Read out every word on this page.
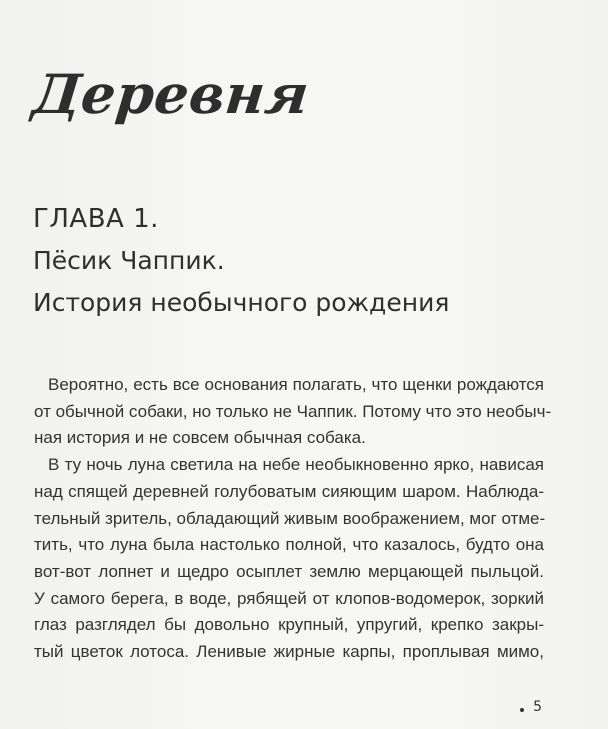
Деревня
ГЛАВА 1.
Пёсик Чаппик.
История необычного рождения
Вероятно, есть все основания полагать, что щенки рождаются
от обычной собаки, но только не Чаппик. Потому что это необыч-
ная история и не совсем обычная собака.
В ту ночь луна светила на небе необыкновенно ярко, нависая
над спящей деревней голубоватым сияющим шаром. Наблюда-
тельный зритель, обладающий живым воображением, мог отме-
тить, что луна была настолько полной, что казалось, будто она
вот-вот лопнет и щедро осыплет землю мерцающей пыльцой.
У самого берега, в воде, рябящей от клопов-водомерок, зоркий
глаз разглядел бы довольно крупный, упругий, крепко закры-
тый цветок лотоса. Ленивые жирные карпы, проплывая мимо,
5
